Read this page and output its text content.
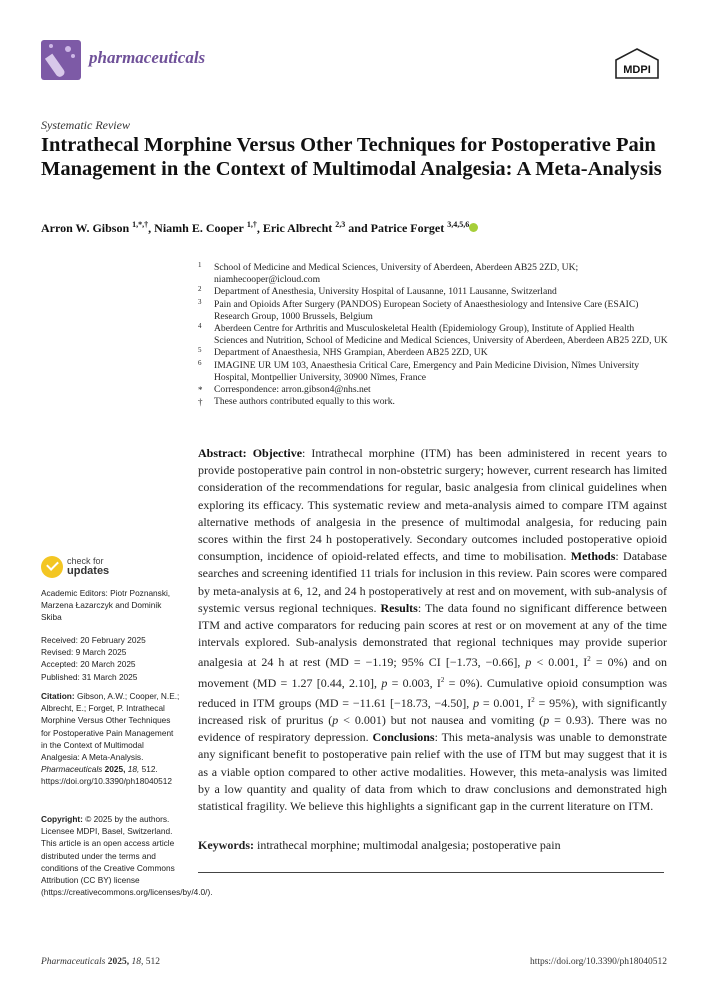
pharmaceuticals
MDPI
Systematic Review
Intrathecal Morphine Versus Other Techniques for Postoperative Pain Management in the Context of Multimodal Analgesia: A Meta-Analysis
Arron W. Gibson $^{1,*,\dagger}$, Niamh E. Cooper $^{1,\dagger}$, Eric Albrecht $^{2,3}$ and Patrice Forget $^{3,4,5,6}$
1 School of Medicine and Medical Sciences, University of Aberdeen, Aberdeen AB25 2ZD, UK; niamhecooper@icloud.com
2 Department of Anesthesia, University Hospital of Lausanne, 1011 Lausanne, Switzerland
3 Pain and Opioids After Surgery (PANDOS) European Society of Anaesthesiology and Intensive Care (ESAIC) Research Group, 1000 Brussels, Belgium
4 Aberdeen Centre for Arthritis and Musculoskeletal Health (Epidemiology Group), Institute of Applied Health Sciences and Nutrition, School of Medicine and Medical Sciences, University of Aberdeen, Aberdeen AB25 2ZD, UK
5 Department of Anaesthesia, NHS Grampian, Aberdeen AB25 2ZD, UK
6 IMAGINE UR UM 103, Anaesthesia Critical Care, Emergency and Pain Medicine Division, Nîmes University Hospital, Montpellier University, 30900 Nîmes, France
* Correspondence: arron.gibson4@nhs.net
† These authors contributed equally to this work.
Abstract: Objective: Intrathecal morphine (ITM) has been administered in recent years to provide postoperative pain control in non-obstetric surgery; however, current research has limited consideration of the recommendations for regular, basic analgesia from clinical guidelines when exploring its efficacy. This systematic review and meta-analysis aimed to compare ITM against alternative methods of analgesia in the presence of multimodal analgesia, for reducing pain scores within the first 24 h postoperatively. Secondary outcomes included postoperative opioid consumption, incidence of opioid-related effects, and time to mobilisation. Methods: Database searches and screening identified 11 trials for inclusion in this review. Pain scores were compared by meta-analysis at 6, 12, and 24 h postoperatively at rest and on movement, with sub-analysis of systemic versus regional techniques. Results: The data found no significant difference between ITM and active comparators for reducing pain scores at rest or on movement at any of the time intervals explored. Sub-analysis demonstrated that regional techniques may provide superior analgesia at 24 h at rest (MD = −1.19; 95% CI [−1.73, −0.66], p < 0.001, $I^2 = 0\%$) and on movement (MD = 1.27 [0.44, 2.10], p = 0.003, $I^2 = 0\%$). Cumulative opioid consumption was reduced in ITM groups (MD = −11.61 [−18.73, −4.50], p = 0.001, $I^2 = 95\%$), with significantly increased risk of pruritus (p < 0.001) but not nausea and vomiting (p = 0.93). There was no evidence of respiratory depression. Conclusions: This meta-analysis was unable to demonstrate any significant benefit to postoperative pain relief with the use of ITM but may suggest that it is as a viable option compared to other active modalities. However, this meta-analysis was limited by a low quantity and quality of data from which to draw conclusions and demonstrated high statistical fragility. We believe this highlights a significant gap in the current literature on ITM.
Keywords: intrathecal morphine; multimodal analgesia; postoperative pain
check for
updates
Academic Editors: Piotr Poznanski, Marzena Łazarczyk and Dominik Skiba
Received: 20 February 2025
Revised: 9 March 2025
Accepted: 20 March 2025
Published: 31 March 2025
Citation: Gibson, A.W.; Cooper, N.E.; Albrecht, E.; Forget, P. Intrathecal Morphine Versus Other Techniques for Postoperative Pain Management in the Context of Multimodal Analgesia: A Meta-Analysis. Pharmaceuticals 2025, 18, 512. https://doi.org/10.3390/ph18040512
Copyright: © 2025 by the authors. Licensee MDPI, Basel, Switzerland. This article is an open access article distributed under the terms and conditions of the Creative Commons Attribution (CC BY) license (https://creativecommons.org/licenses/by/4.0/).
Pharmaceuticals 2025, 18, 512	https://doi.org/10.3390/ph18040512
